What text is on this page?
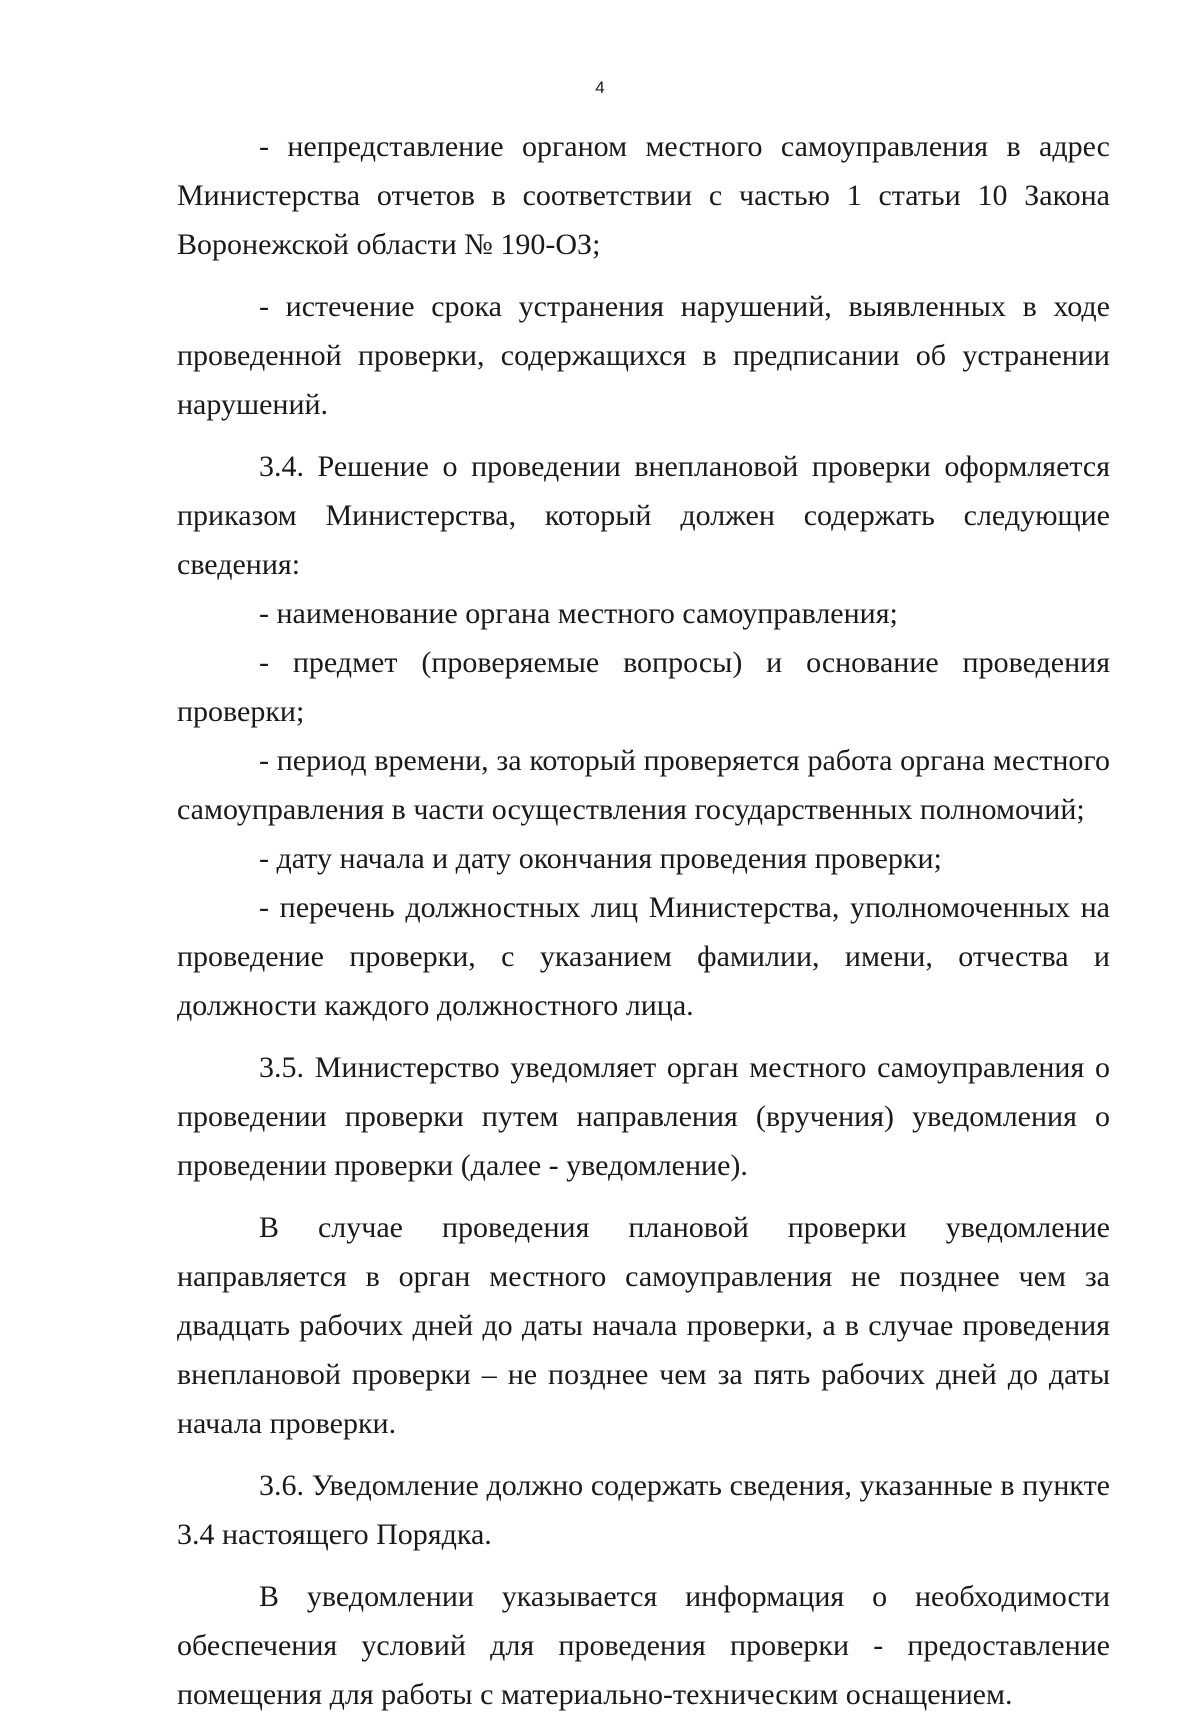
4

- непредставление органом местного самоуправления в адрес Министерства отчетов в соответствии с частью 1 статьи 10 Закона Воронежской области № 190-ОЗ;

- истечение срока устранения нарушений, выявленных в ходе проведенной проверки, содержащихся в предписании об устранении нарушений.

3.4. Решение о проведении внеплановой проверки оформляется приказом Министерства, который должен содержать следующие сведения:

- наименование органа местного самоуправления;

- предмет (проверяемые вопросы) и основание проведения проверки;

- период времени, за который проверяется работа органа местного самоуправления в части осуществления государственных полномочий;

- дату начала и дату окончания проведения проверки;

- перечень должностных лиц Министерства, уполномоченных на проведение проверки, с указанием фамилии, имени, отчества и должности каждого должностного лица.

3.5. Министерство уведомляет орган местного самоуправления о проведении проверки путем направления (вручения) уведомления о проведении проверки (далее - уведомление).

В случае проведения плановой проверки уведомление направляется в орган местного самоуправления не позднее чем за двадцать рабочих дней до даты начала проверки, а в случае проведения внеплановой проверки – не позднее чем за пять рабочих дней до даты начала проверки.

3.6. Уведомление должно содержать сведения, указанные в пункте 3.4 настоящего Порядка.

В уведомлении указывается информация о необходимости обеспечения условий для проведения проверки - предоставление помещения для работы с материально-техническим оснащением.
